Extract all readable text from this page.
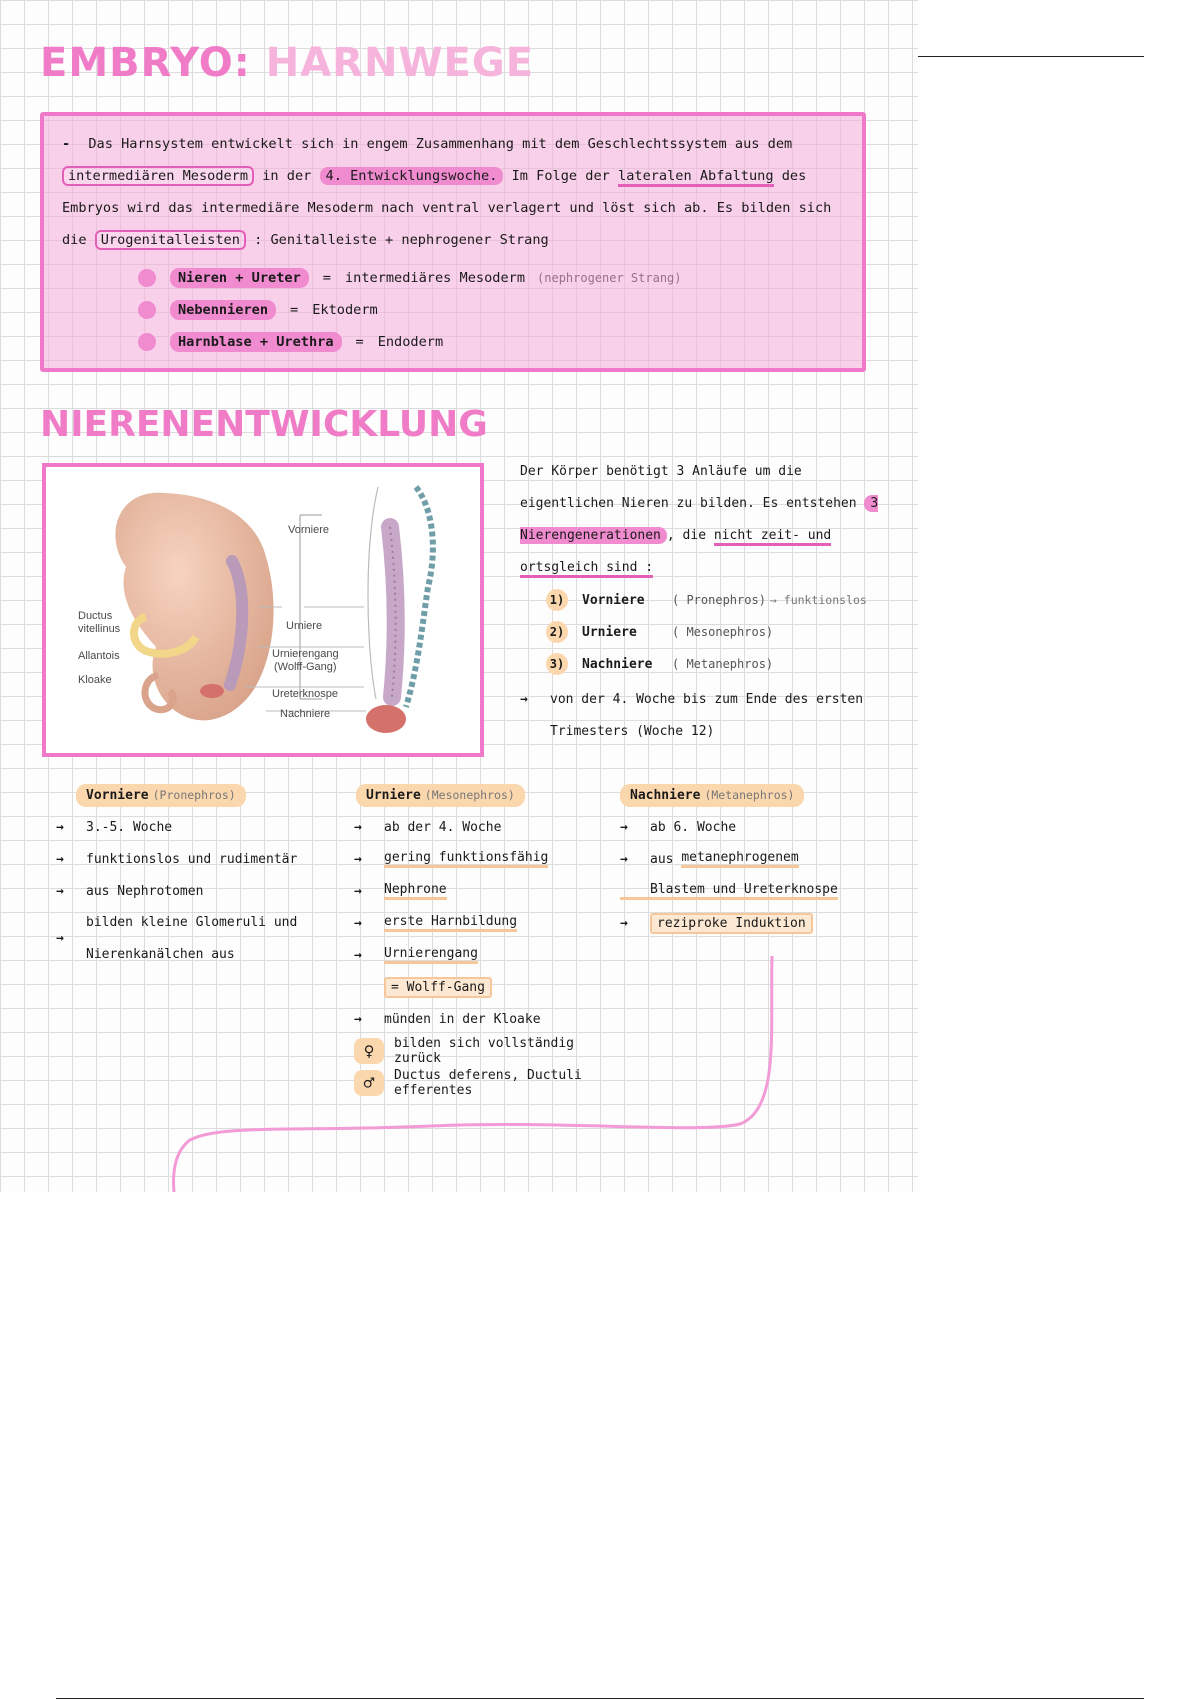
EMBRYO: HARNWEGE

- Das Harnsystem entwickelt sich in engem Zusammenhang mit dem Geschlechtssystem aus dem intermediären Mesoderm in der 4. Entwicklungswoche. Im Folge der lateralen Abfaltung des Embryos wird das intermediäre Mesoderm nach ventral verlagert und löst sich ab. Es bilden sich die Urogenitalleisten : Genitalleiste + nephrogener Strang

Nieren + Ureter	= intermediäres Mesoderm (nephrogener Strang)
Nebennieren	= Ektoderm
Harnblase + Urethra	= Endoderm
NIERENENTWICKLUNG
Vorniere
Ductus
vitellinus
Allantois
Kloake
Urniere
Urnierengang
(Wolff-Gang)
Ureterknospe
Nachniere

Der Körper benötigt 3 Anläufe um die eigentlichen Nieren zu bilden. Es entstehen 3 Nierengenerationen , die nicht zeit- und ortsgleich sind :

1) Vorniere	( Pronephros) → funktionslos
2) Urniere	( Mesonephros)
3) Nachniere	( Metanephros)
→	von der 4. Woche bis zum Ende des ersten Trimesters (Woche 12)
Vorniere (Pronephros)
→	3.-5. Woche
→	funktionslos und rudimentär
→	aus Nephrotomen
→
bilden kleine Glomeruli und Nierenkanälchen aus
Urniere (Mesonephros)
→	ab der 4. Woche
→	gering funktionsfähig
→	Nephrone
→	erste Harnbildung
→	Urnierengang
= Wolff-Gang
→	münden in der Kloake
♀	bilden sich vollständig zurück
♂	Ductus deferens, Ductuli efferentes
Nachniere (Metanephros)
→	ab 6. Woche
→	aus
metanephrogenem
Blastem und Ureterknospe
→	reziproke Induktion
